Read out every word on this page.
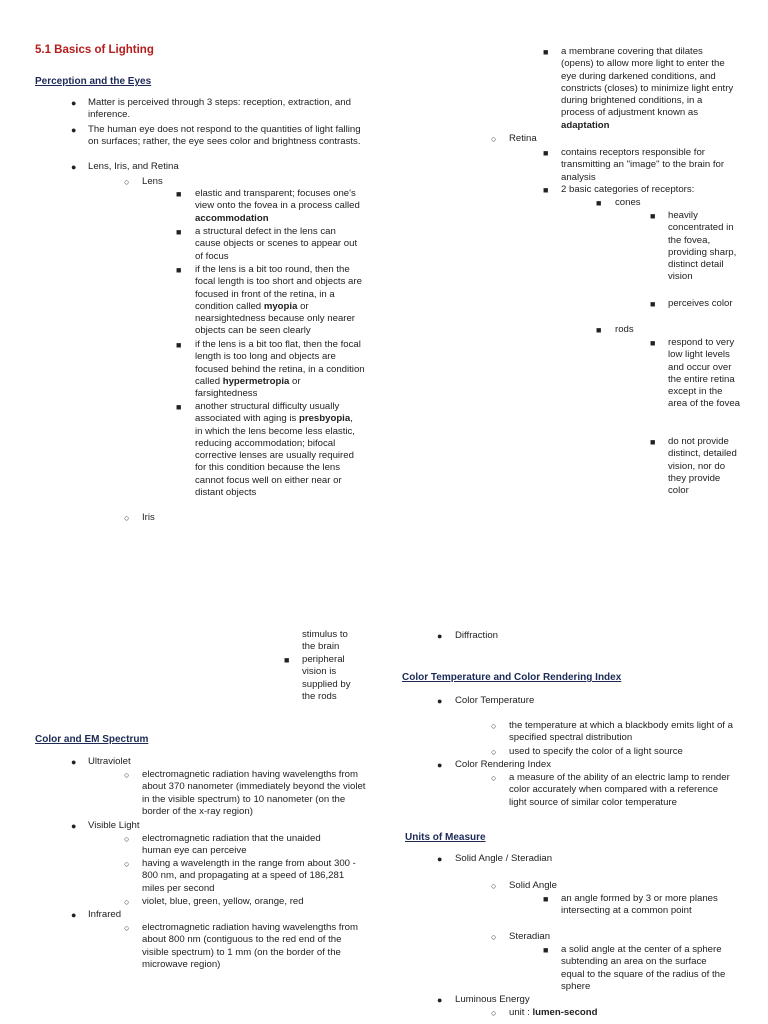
5.1 Basics of Lighting
Perception and the Eyes
●
Matter is perceived through 3 steps: reception, extraction, and inference.
●
The human eye does not respond to the quantities of light falling on surfaces; rather, the eye sees color and brightness contrasts.
●
Lens, Iris, and Retina
○
Lens
■
elastic and transparent; focuses one's view onto the fovea in a process called accommodation
■
a structural defect in the lens can cause objects or scenes to appear out of focus
■
if the lens is a bit too round, then the focal length is too short and objects are focused in front of the retina, in a condition called myopia or nearsightedness because only nearer objects can be seen clearly
■
if the lens is a bit too flat, then the focal length is too long and objects are focused behind the retina, in a condition called hypermetropia or farsightedness
■
another structural difficulty usually associated with aging is presbyopia, in which the lens become less elastic, reducing accommodation; bifocal corrective lenses are usually required for this condition because the lens cannot focus well on either near or distant objects
○
Iris
■
a membrane covering that dilates (opens) to allow more light to enter the eye during darkened conditions, and constricts (closes) to minimize light entry during brightened conditions, in a process of adjustment known as adaptation
○
Retina
■
contains receptors responsible for transmitting an "image" to the brain for analysis
■
2 basic categories of receptors:
■
cones
■
heavily concentrated in the fovea, providing sharp, distinct detail vision
■
perceives color
■
rods
■
respond to very low light levels and occur over the entire retina except in the area of the fovea
■
do not provide distinct, detailed vision, nor do they provide color
stimulus to the brain
■
peripheral vision is supplied by the rods
Color and EM Spectrum
●
Ultraviolet
○
electromagnetic radiation having wavelengths from about 370 nanometer (immediately beyond the violet in the visible spectrum) to 10 nanometer (on the border of the x-ray region)
●
Visible Light
○
electromagnetic radiation that the unaided human eye can perceive
○
having a wavelength in the range from about 300 - 800 nm, and propagating at a speed of 186,281 miles per second
○
violet, blue, green, yellow, orange, red
●
Infrared
○
electromagnetic radiation having wavelengths from about 800 nm (contiguous to the red end of the visible spectrum) to 1 mm (on the border of the microwave region)
●
Diffraction
Color Temperature and Color Rendering Index
●
Color Temperature
○
the temperature at which a blackbody emits light of a specified spectral distribution
○
used to specify the color of a light source
●
Color Rendering Index
○
a measure of the ability of an electric lamp to render color accurately when compared with a reference light source of similar color temperature
Units of Measure
●
Solid Angle / Steradian
○
Solid Angle
■
an angle formed by 3 or more planes intersecting at a common point
○
Steradian
■
a solid angle at the center of a sphere subtending an area on the surface equal to the square of the radius of the sphere
●
Luminous Energy
○
unit : lumen-second
